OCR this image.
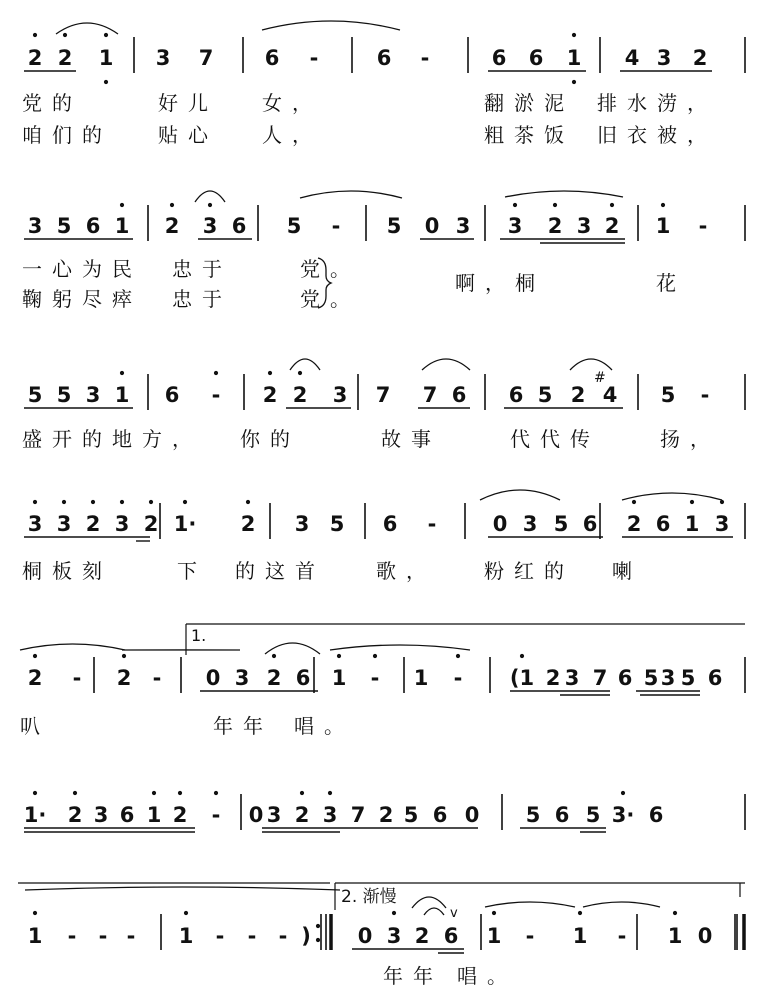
2 2 1 3 7 6 -	6 -	6 6 1 4 3 2
3 5 6 1 2 3 6 5 - 5 0 3 3 2 3 2 1 -
5 5 3 1 6 - 2 2 3 7 7 6 6 5 2 4 5 -
3 3 2 3 2 1· 2 3 5 6 -	0 3 5 6 2 6 1 3
2 - 2 - 0 3 2 6 1 - 1 - (1 2 3 7 6 5 3 5 6
1· 2 3 6 1 2 - 0 3 2 3 7 2 5 6 0 5 6 5 3· 6
1 - - - 1 - - - ) 0 3 2 6 1 - 1 - 1 0
党的	好儿 女，	翻淤泥 排水涝，
咱们的 贴心 人，	粗茶饭 旧衣被，
一心为民 忠于	党。
鞠躬尽瘁 忠于	党。
啊，桐	花
盛开的地方， 你的	故事	代代传	扬，
桐板刻	下 的这首	歌， 粉红的 喇
叭	年年 唱。
年年 唱。
1.
2. 渐慢
#
v
